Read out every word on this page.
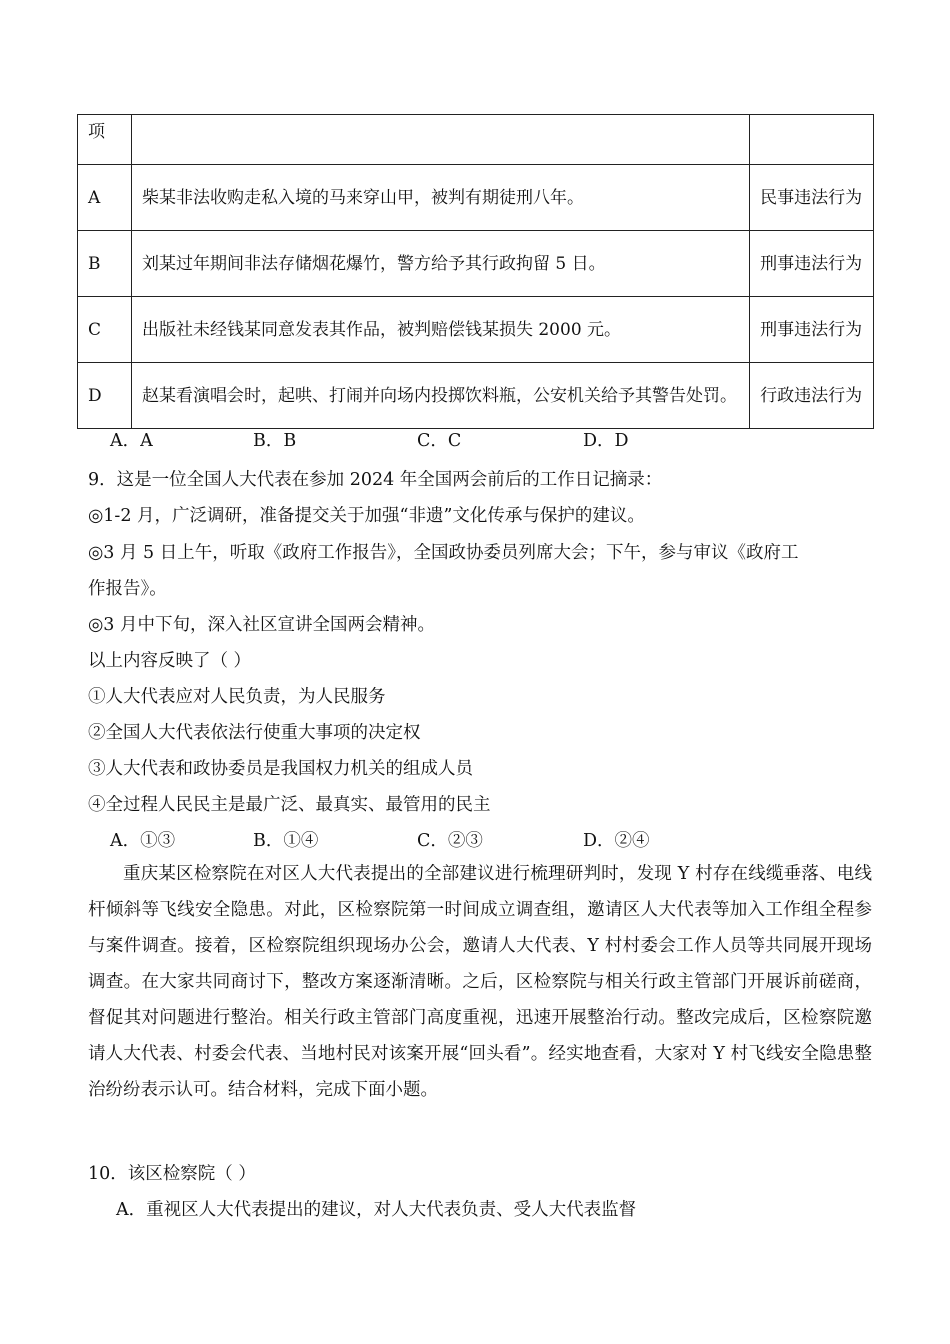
项		
A	柴某非法收购走私入境的马来穿山甲，被判有期徒刑八年。	民事违法行为
B	刘某过年期间非法存储烟花爆竹，警方给予其行政拘留 5 日。	刑事违法行为
C	出版社未经钱某同意发表其作品，被判赔偿钱某损失 2000 元。	刑事违法行为
D	赵某看演唱会时，起哄、打闹并向场内投掷饮料瓶，公安机关给予其警告处罚。	行政违法行为
A．A	B．B	C．C	D．D
9．这是一位全国人大代表在参加 2024 年全国两会前后的工作日记摘录：
◎1-2 月，广泛调研，准备提交关于加强“非遗”文化传承与保护的建议。
◎3 月 5 日上午，听取《政府工作报告》，全国政协委员列席大会；下午，参与审议《政府工
作报告》。
◎3 月中下旬，深入社区宣讲全国两会精神。
以上内容反映了（ ）
①人大代表应对人民负责，为人民服务
②全国人大代表依法行使重大事项的决定权
③人大代表和政协委员是我国权力机关的组成人员
④全过程人民民主是最广泛、最真实、最管用的民主
A．①③	B．①④	C．②③	D．②④
重庆某区检察院在对区人大代表提出的全部建议进行梳理研判时，发现 Y 村存在线缆垂落、电线杆倾斜等飞线安全隐患。对此，区检察院第一时间成立调查组，邀请区人大代表等加入工作组全程参与案件调查。接着，区检察院组织现场办公会，邀请人大代表、Y 村村委会工作人员等共同展开现场调查。在大家共同商讨下，整改方案逐渐清晰。之后，区检察院与相关行政主管部门开展诉前磋商，督促其对问题进行整治。相关行政主管部门高度重视，迅速开展整治行动。整改完成后，区检察院邀请人大代表、村委会代表、当地村民对该案开展“回头看”。经实地查看，大家对 Y 村飞线安全隐患整治纷纷表示认可。结合材料，完成下面小题。
10．该区检察院（ ）
A．重视区人大代表提出的建议，对人大代表负责、受人大代表监督
